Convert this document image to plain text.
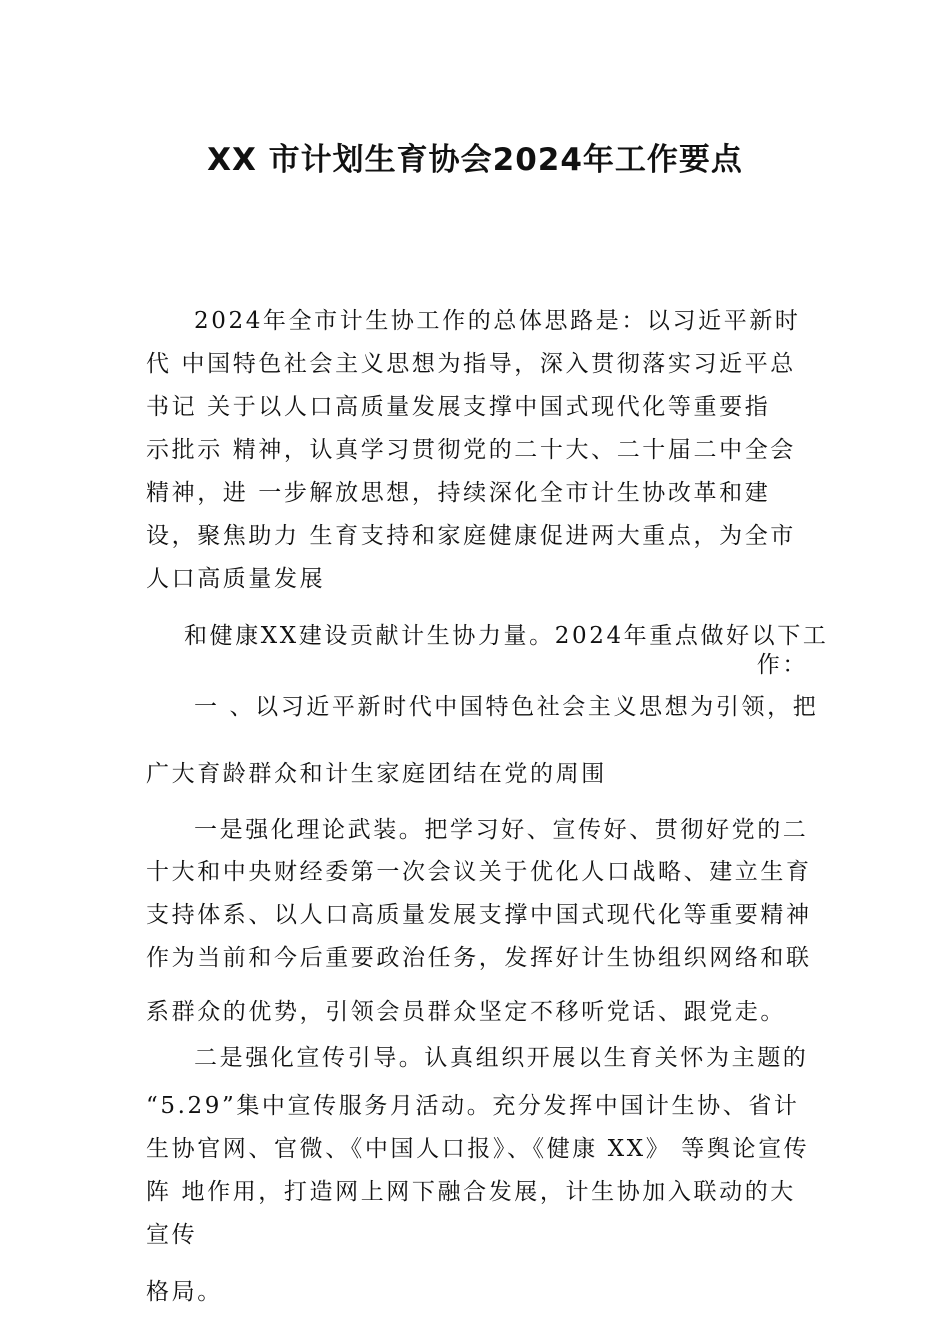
XX 市计划生育协会2024年工作要点
2024年全市计生协工作的总体思路是：以习近平新时
代 中国特色社会主义思想为指导，深入贯彻落实习近平总
书记 关于以人口高质量发展支撑中国式现代化等重要指
示批示 精神，认真学习贯彻党的二十大、二十届二中全会
精神，进 一步解放思想，持续深化全市计生协改革和建
设，聚焦助力 生育支持和家庭健康促进两大重点，为全市
人口高质量发展
和健康XX建设贡献计生协力量。2024年重点做好以下工
作：
一 、以习近平新时代中国特色社会主义思想为引领，把
广大育龄群众和计生家庭团结在党的周围
一是强化理论武装。把学习好、宣传好、贯彻好党的二
十大和中央财经委第一次会议关于优化人口战略、建立生育
支持体系、以人口高质量发展支撑中国式现代化等重要精神
作为当前和今后重要政治任务，发挥好计生协组织网络和联
系群众的优势，引领会员群众坚定不移听党话、跟党走。
二是强化宣传引导。认真组织开展以生育关怀为主题的
“5.29”集中宣传服务月活动。充分发挥中国计生协、省计
生协官网、官微、《中国人口报》、《健康 XX》 等舆论宣传
阵 地作用，打造网上网下融合发展，计生协加入联动的大
宣传
格局。
